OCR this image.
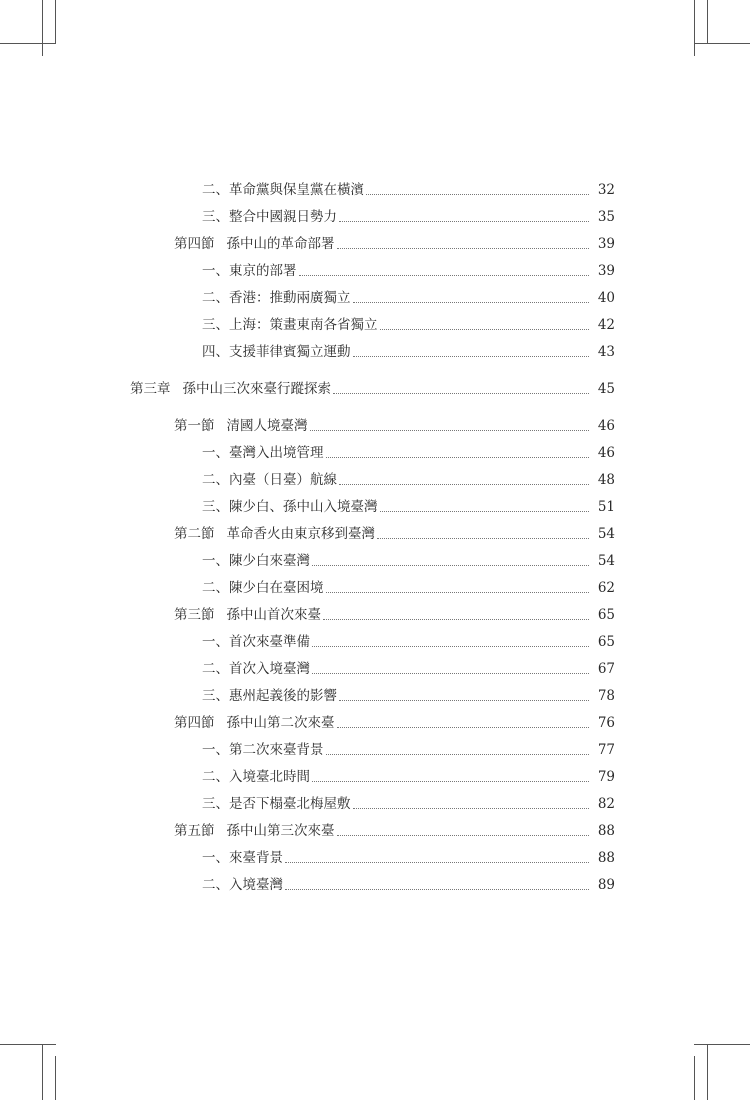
二、革命黨與保皇黨在橫濱	32
三、整合中國親日勢力	35
第四節 孫中山的革命部署	39
一、東京的部署	39
二、香港：推動兩廣獨立	40
三、上海：策畫東南各省獨立	42
四、支援菲律賓獨立運動	43
第三章 孫中山三次來臺行蹤探索	45
第一節 清國人境臺灣	46
一、臺灣入出境管理	46
二、內臺（日臺）航線	48
三、陳少白、孫中山入境臺灣	51
第二節 革命香火由東京移到臺灣	54
一、陳少白來臺灣	54
二、陳少白在臺困境	62
第三節 孫中山首次來臺	65
一、首次來臺準備	65
二、首次入境臺灣	67
三、惠州起義後的影響	78
第四節 孫中山第二次來臺	76
一、第二次來臺背景	77
二、入境臺北時間	79
三、是否下榻臺北梅屋敷	82
第五節 孫中山第三次來臺	88
一、來臺背景	88
二、入境臺灣	89
